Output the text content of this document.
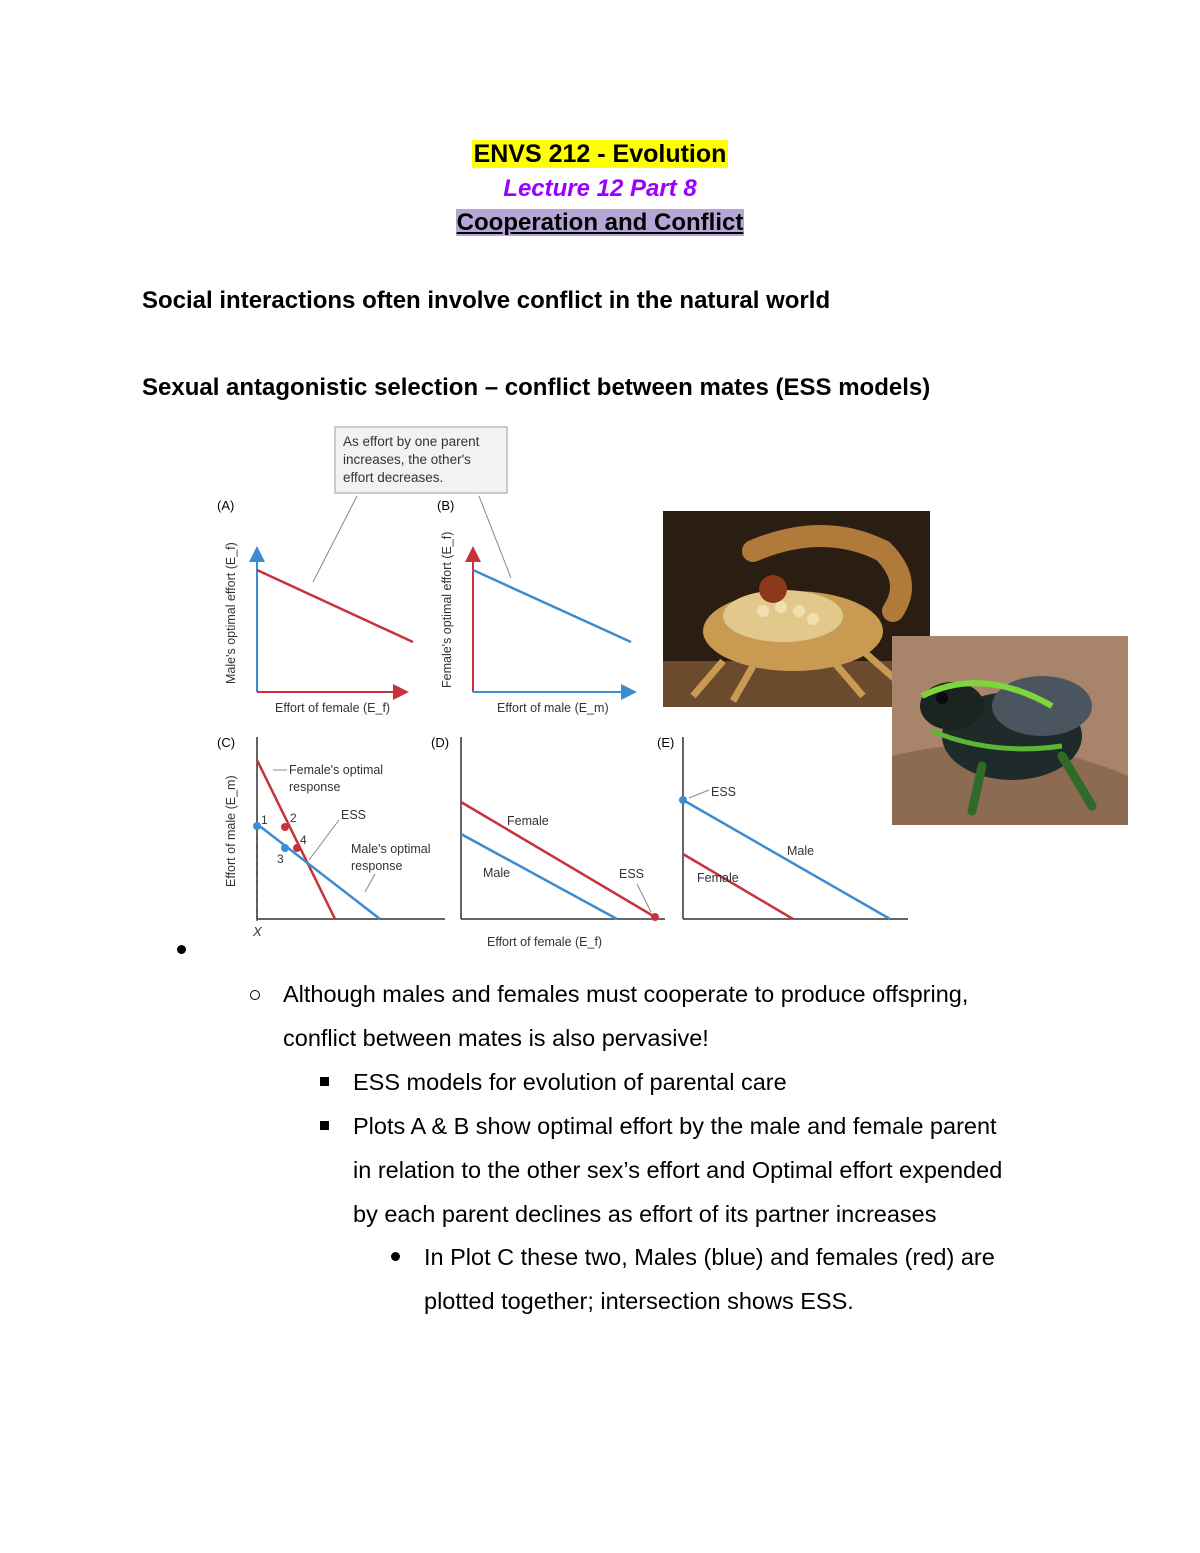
ENVS 212 - Evolution
Lecture 12 Part 8
Cooperation and Conflict
Social interactions often involve conflict in the natural world
Sexual antagonistic selection – conflict between mates (ESS models)
As effort by one parent
increases, the other's
effort decreases.
(A)
Male's optimal effort (E_f)
Effort of female (E_f)
(B)
Female's optimal effort (E_f)
Effort of male (E_m)
(C)
1 2
3
4
X
Effort of male (E_m)
Female's optimal
response
ESS
Male's optimal
response
(D)
Female
Male	ESS
(E)
ESS
Male
Female
Effort of female (E_f)
Although males and females must cooperate to produce offspring,
conflict between mates is also pervasive!
ESS models for evolution of parental care
Plots A & B show optimal effort by the male and female parent
in relation to the other sex’s effort and Optimal effort expended
by each parent declines as effort of its partner increases
In Plot C these two, Males (blue) and females (red) are
plotted together; intersection shows ESS.
